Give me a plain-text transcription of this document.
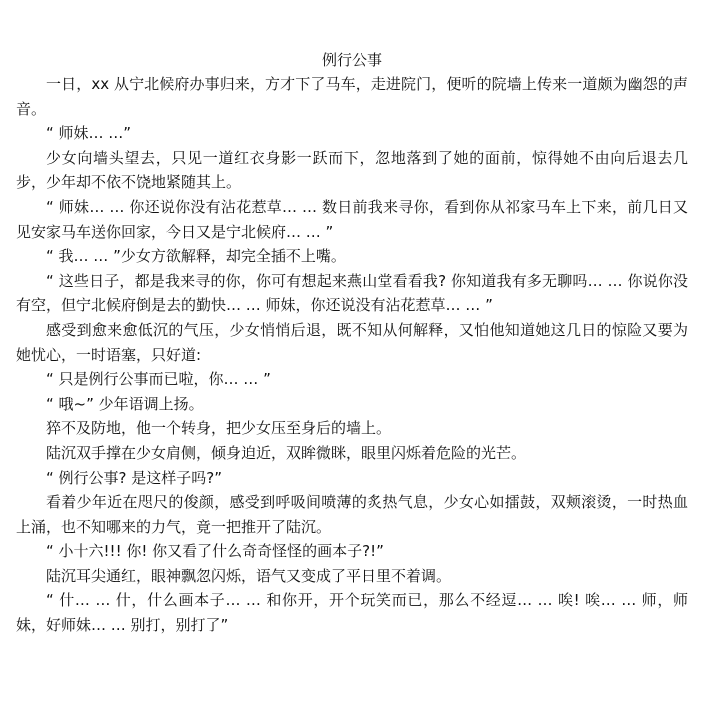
例行公事

一日，xx 从宁北候府办事归来，方才下了马车，走进院门，便听的院墙上传来一道颇为幽怨的声音。

“ 师妹… …”

少女向墙头望去，只见一道红衣身影一跃而下，忽地落到了她的面前，惊得她不由向后退去几步，少年却不依不饶地紧随其上。

“ 师妹… … 你还说你没有沾花惹草… … 数日前我来寻你，看到你从祁家马车上下来，前几日又见安家马车送你回家，今日又是宁北候府… … ”

“ 我… … ”少女方欲解释，却完全插不上嘴。

“ 这些日子，都是我来寻的你，你可有想起来燕山堂看看我? 你知道我有多无聊吗… … 你说你没有空，但宁北候府倒是去的勤快… … 师妹，你还说没有沾花惹草… … ”

感受到愈来愈低沉的气压，少女悄悄后退，既不知从何解释，又怕他知道她这几日的惊险又要为她忧心，一时语塞，只好道:

“ 只是例行公事而已啦，你… … ”

“ 哦~” 少年语调上扬。

猝不及防地，他一个转身，把少女压至身后的墙上。

陆沉双手撑在少女肩侧，倾身迫近，双眸微眯，眼里闪烁着危险的光芒。

“ 例行公事? 是这样子吗?”

看着少年近在咫尺的俊颜，感受到呼吸间喷薄的炙热气息，少女心如擂鼓，双颊滚烫，一时热血上涌，也不知哪来的力气，竟一把推开了陆沉。

“ 小十六!!! 你! 你又看了什么奇奇怪怪的画本子?!”

陆沉耳尖通红，眼神飘忽闪烁，语气又变成了平日里不着调。

“ 什… … 什，什么画本子… … 和你开，开个玩笑而已，那么不经逗… … 唉! 唉… … 师，师妹，好师妹… … 别打，别打了”
